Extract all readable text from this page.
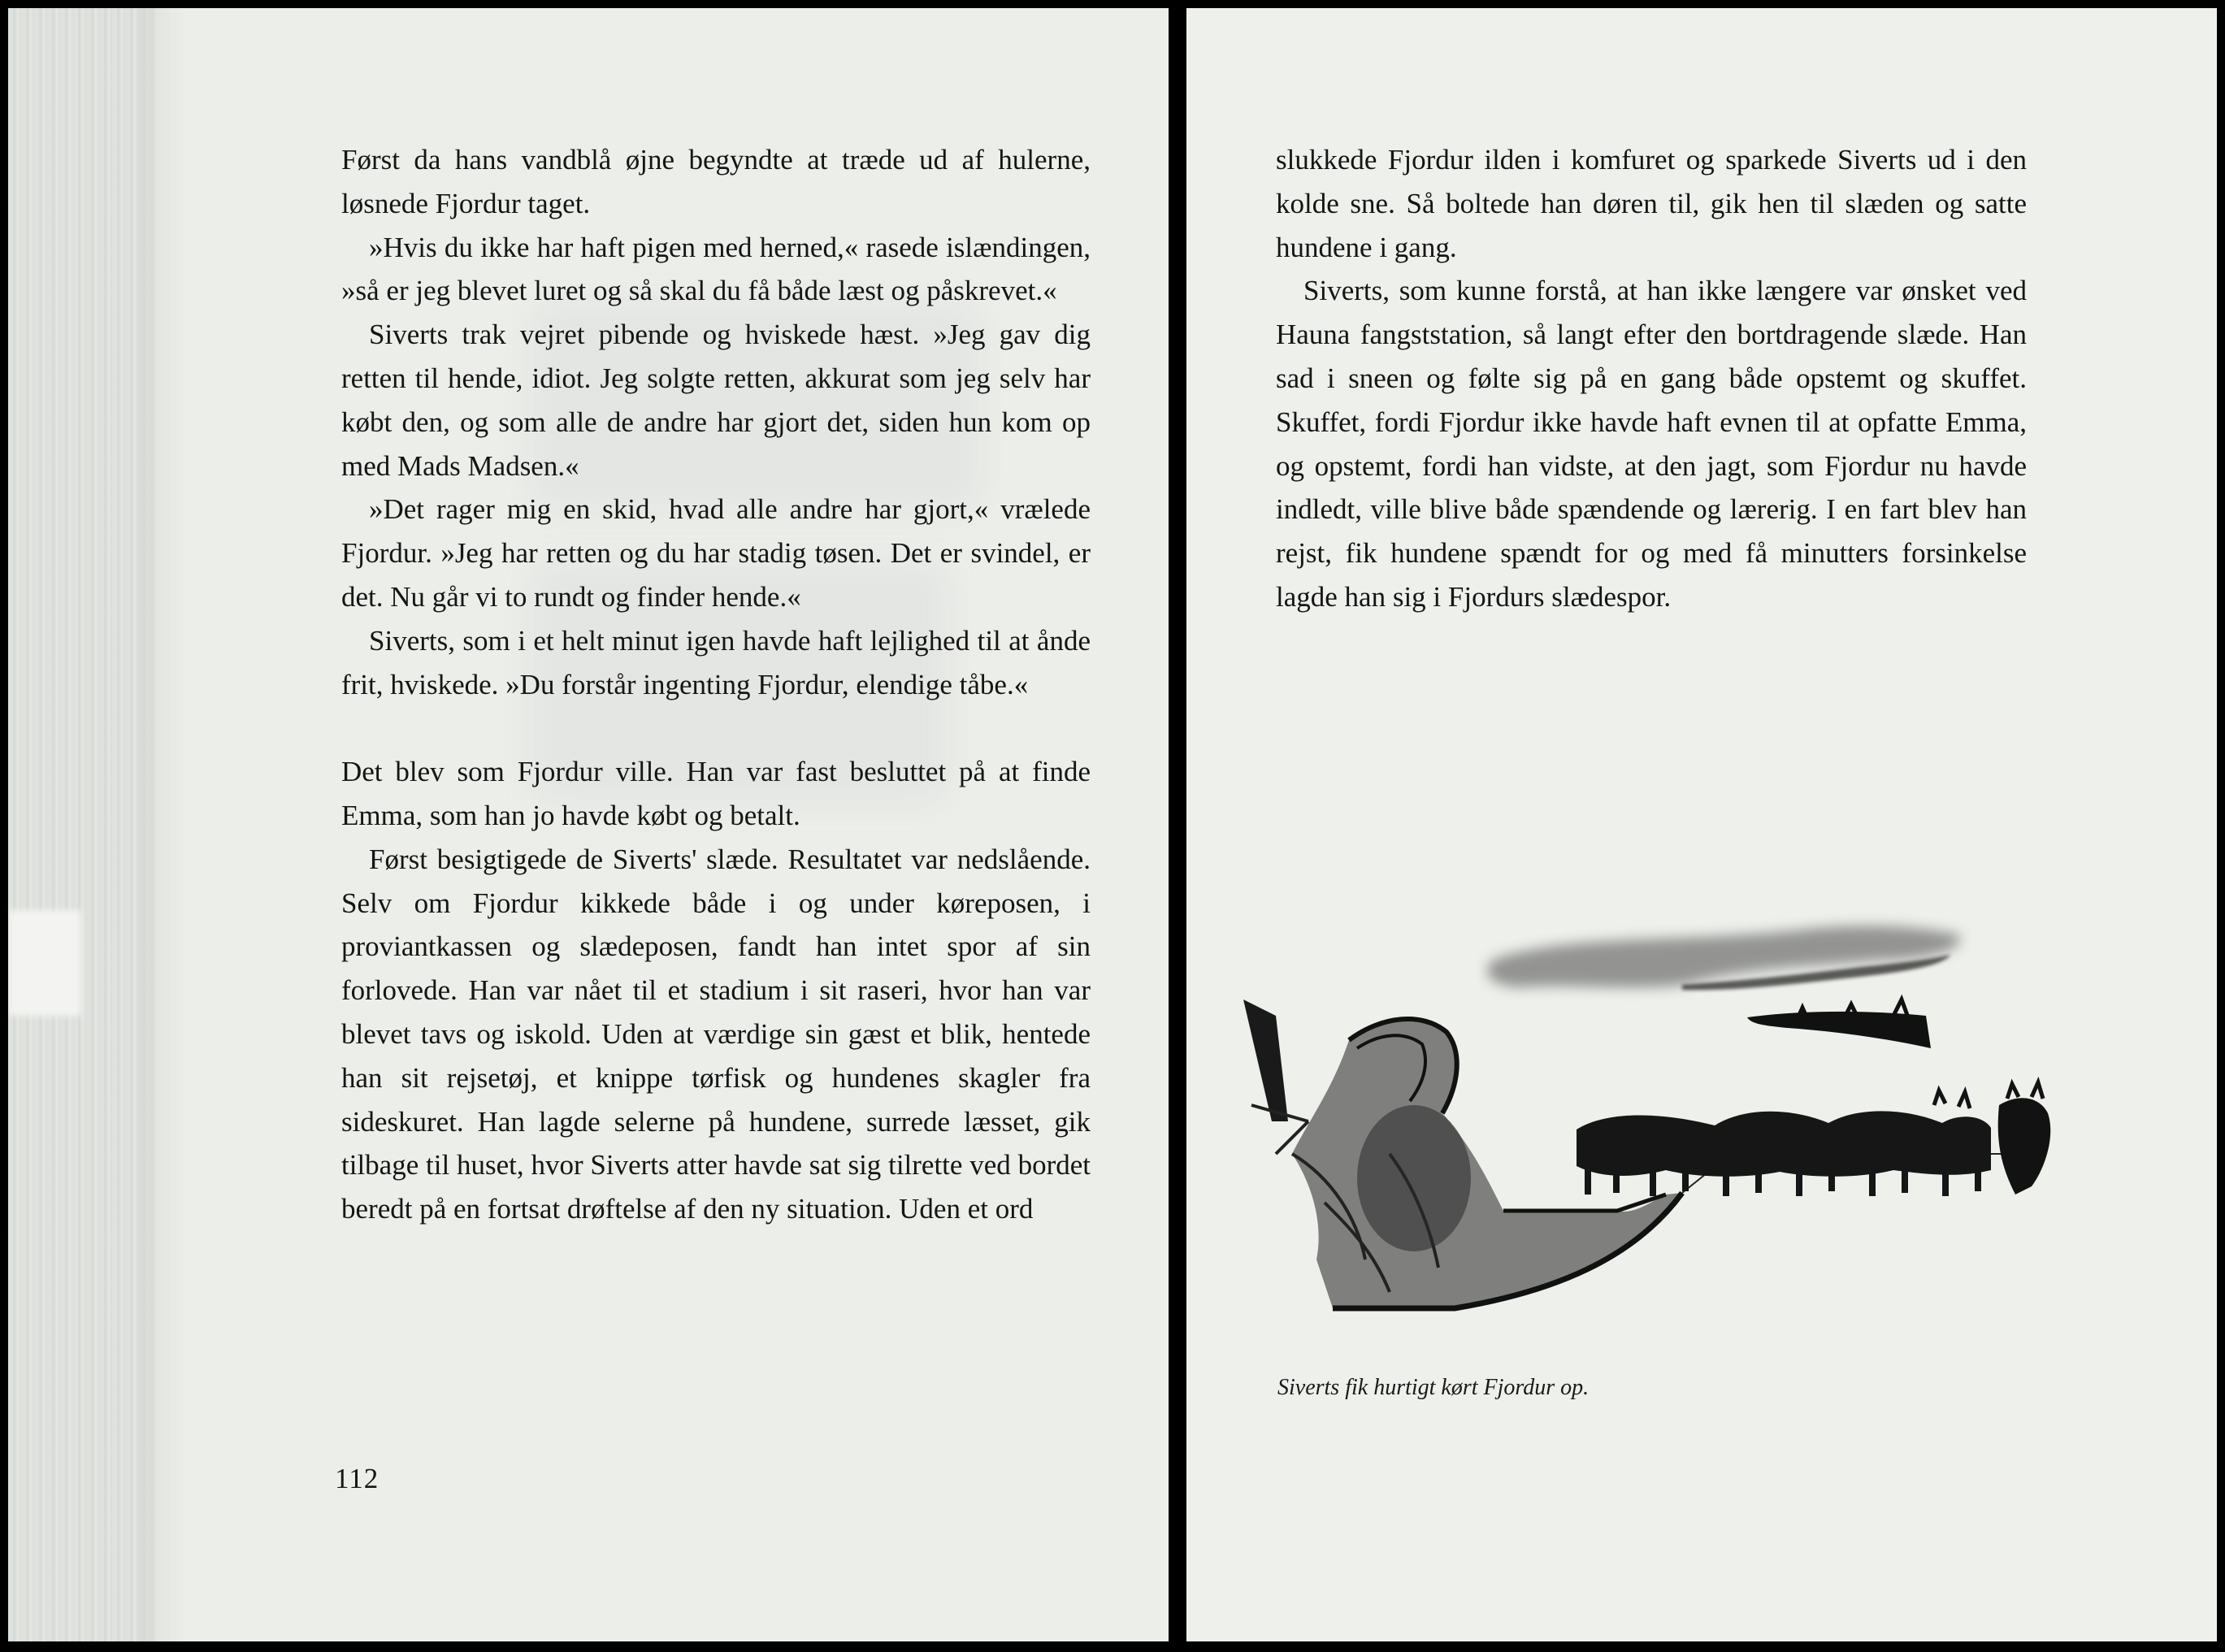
Først da hans vandblå øjne begyndte at træde ud af hulerne, løsnede Fjordur taget.

»Hvis du ikke har haft pigen med herned,« rasede islændingen, »så er jeg blevet luret og så skal du få både læst og påskrevet.«

Siverts trak vejret pibende og hviskede hæst. »Jeg gav dig retten til hende, idiot. Jeg solgte retten, akkurat som jeg selv har købt den, og som alle de andre har gjort det, siden hun kom op med Mads Madsen.«

»Det rager mig en skid, hvad alle andre har gjort,« vrælede Fjordur. »Jeg har retten og du har stadig tøsen. Det er svindel, er det. Nu går vi to rundt og finder hende.«

Siverts, som i et helt minut igen havde haft lejlighed til at ånde frit, hviskede. »Du forstår ingenting Fjordur, elendige tåbe.«

Det blev som Fjordur ville. Han var fast besluttet på at finde Emma, som han jo havde købt og betalt.

Først besigtigede de Siverts' slæde. Resultatet var nedslående. Selv om Fjordur kikkede både i og under køreposen, i proviantkassen og slædeposen, fandt han intet spor af sin forlovede. Han var nået til et stadium i sit raseri, hvor han var blevet tavs og iskold. Uden at værdige sin gæst et blik, hentede han sit rejsetøj, et knippe tørfisk og hundenes skagler fra sideskuret. Han lagde selerne på hundene, surrede læsset, gik tilbage til huset, hvor Siverts atter havde sat sig tilrette ved bordet beredt på en fortsat drøftelse af den ny situation. Uden et ord

112

slukkede Fjordur ilden i komfuret og sparkede Siverts ud i den kolde sne. Så boltede han døren til, gik hen til slæden og satte hundene i gang.

Siverts, som kunne forstå, at han ikke længere var ønsket ved Hauna fangststation, så langt efter den bortdragende slæde. Han sad i sneen og følte sig på en gang både opstemt og skuffet. Skuffet, fordi Fjordur ikke havde haft evnen til at opfatte Emma, og opstemt, fordi han vidste, at den jagt, som Fjordur nu havde indledt, ville blive både spændende og lærerig. I en fart blev han rejst, fik hundene spændt for og med få minutters forsinkelse lagde han sig i Fjordurs slædespor.

Siverts fik hurtigt kørt Fjordur op.
